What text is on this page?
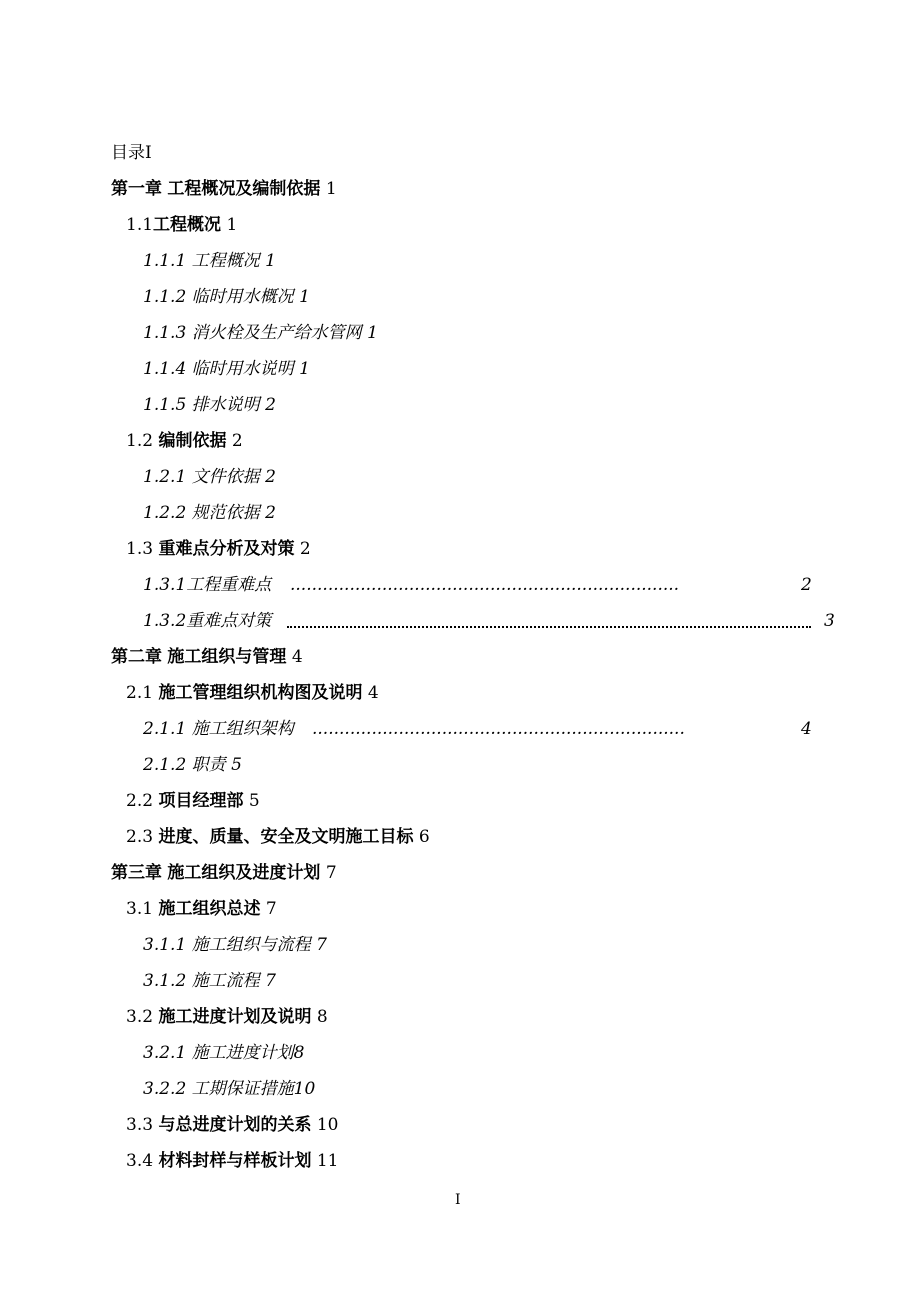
目录I
第一章 工程概况及编制依据 1
1.1工程概况 1
1.1.1 工程概况 1
1.1.2 临时用水概况 1
1.1.3 消火栓及生产给水管网 1
1.1.4 临时用水说明 1
1.1.5 排水说明 2
1.2 编制依据 2
1.2.1 文件依据 2
1.2.2 规范依据 2
1.3 重难点分析及对策 2
1.3.1工程重难点 ........................................................................	2
1.3.2重难点对策	3
第二章 施工组织与管理 4
2.1 施工管理组织机构图及说明 4
2.1.1 施工组织架构 .....................................................................	4
2.1.2 职责 5
2.2 项目经理部 5
2.3 进度、质量、安全及文明施工目标 6
第三章 施工组织及进度计划 7
3.1 施工组织总述 7
3.1.1 施工组织与流程 7
3.1.2 施工流程 7
3.2 施工进度计划及说明 8
3.2.1 施工进度计划8
3.2.2 工期保证措施10
3.3 与总进度计划的关系 10
3.4 材料封样与样板计划 11
I
